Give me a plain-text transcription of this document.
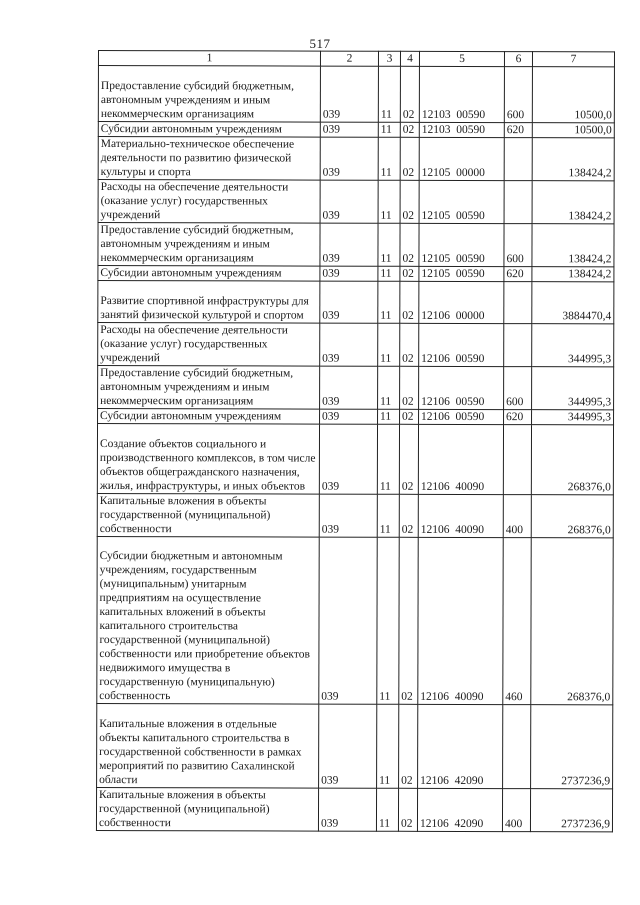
517
1	2	3	4	5	6	7
Предоставление субсидий бюджетным, автономным учреждениям и иным некоммерческим организациям	039	11	02	12103  00590	600	10500,0
Субсидии автономным учреждениям	039	11	02	12103  00590	620	10500,0
Материально-техническое обеспечение деятельности по развитию физической культуры и спорта	039	11	02	12105  00000		138424,2
Расходы на обеспечение деятельности (оказание услуг) государственных учреждений	039	11	02	12105  00590		138424,2
Предоставление субсидий бюджетным, автономным учреждениям и иным некоммерческим организациям	039	11	02	12105  00590	600	138424,2
Субсидии автономным учреждениям	039	11	02	12105  00590	620	138424,2
Развитие спортивной инфраструктуры для занятий физической культурой и спортом	039	11	02	12106  00000		3884470,4
Расходы на обеспечение деятельности (оказание услуг) государственных учреждений	039	11	02	12106  00590		344995,3
Предоставление субсидий бюджетным, автономным учреждениям и иным некоммерческим организациям	039	11	02	12106  00590	600	344995,3
Субсидии автономным учреждениям	039	11	02	12106  00590	620	344995,3
Создание объектов социального и производственного комплексов, в том числе объектов общегражданского назначения, жилья, инфраструктуры, и иных объектов	039	11	02	12106  40090		268376,0
Капитальные вложения в объекты государственной (муниципальной) собственности	039	11	02	12106  40090	400	268376,0
Субсидии бюджетным и автономным учреждениям, государственным (муниципальным) унитарным предприятиям на осуществление капитальных вложений в объекты капитального строительства государственной (муниципальной) собственности или приобретение объектов недвижимого имущества в государственную (муниципальную) собственность	039	11	02	12106  40090	460	268376,0
Капитальные вложения в отдельные объекты капитального строительства в государственной собственности в рамках мероприятий по развитию Сахалинской области	039	11	02	12106  42090		2737236,9
Капитальные вложения в объекты государственной (муниципальной) собственности	039	11	02	12106  42090	400	2737236,9
